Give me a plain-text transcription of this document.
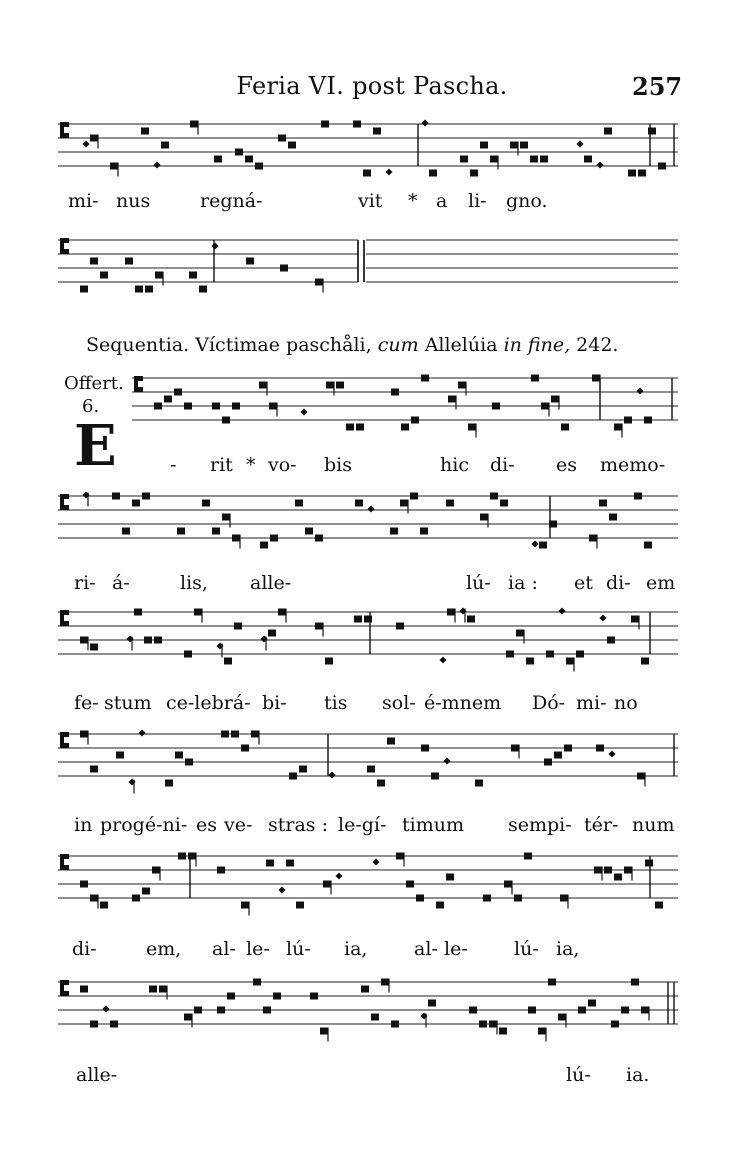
Feria VI. post Pascha.	257
mi- nus	regná-	vit * a li- gno.
Sequentia. Víctimae paschåli, cum Allelúia in fine, 242.
Offert.
6.
E	- rit * vo- bis	hic di- es memo-
ri- á-	lis, alle-	lú- ia : et di- em
fe- stum ce-lebrá- bi- tis sol- é-mnem Dó- mi- no
in progé-ni- es ve- stras : le-gí- timum sempi- tér- num
di-	em, al- le- lú- ia, al- le- lú- ia,
alle-	lú- ia.
